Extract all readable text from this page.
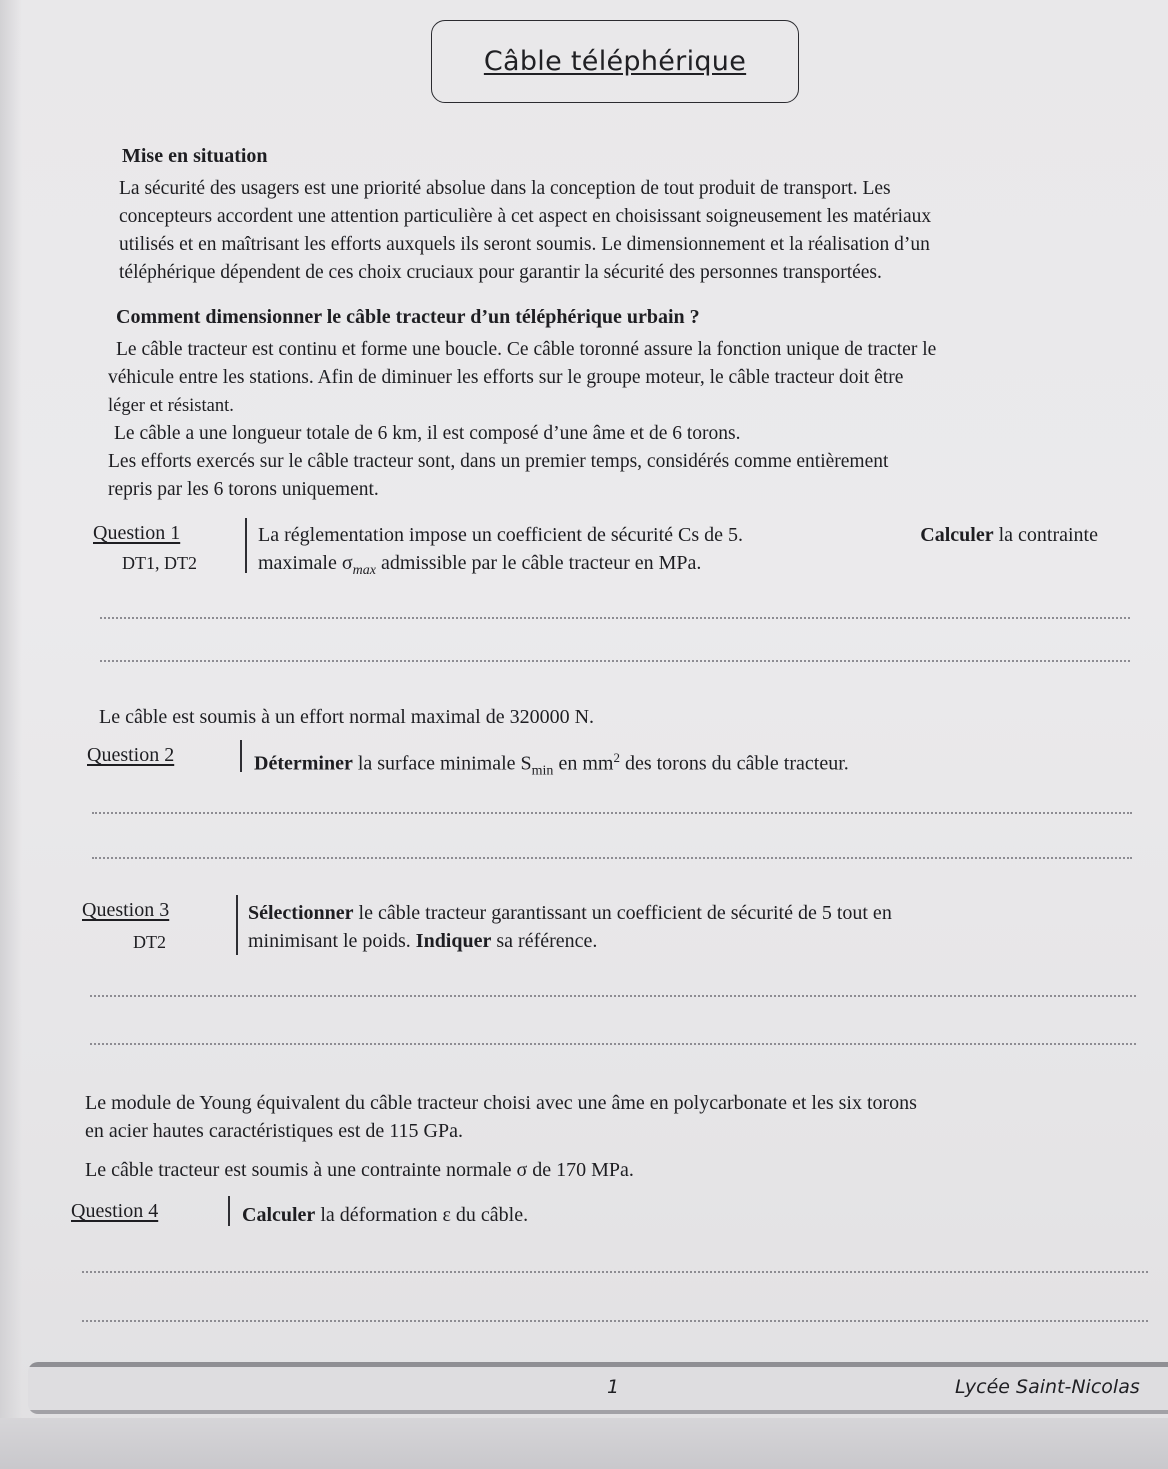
Câble téléphérique
Mise en situation

La sécurité des usagers est une priorité absolue dans la conception de tout produit de transport. Les

concepteurs accordent une attention particulière à cet aspect en choisissant soigneusement les matériaux

utilisés et en maîtrisant les efforts auxquels ils seront soumis. Le dimensionnement et la réalisation d’un

téléphérique dépendent de ces choix cruciaux pour garantir la sécurité des personnes transportées.

Comment dimensionner le câble tracteur d’un téléphérique urbain ?

Le câble tracteur est continu et forme une boucle. Ce câble toronné assure la fonction unique de tracter le

véhicule entre les stations. Afin de diminuer les efforts sur le groupe moteur, le câble tracteur doit être

léger et résistant.

Le câble a une longueur totale de 6 km, il est composé d’une âme et de 6 torons.

Les efforts exercés sur le câble tracteur sont, dans un premier temps, considérés comme entièrement

repris par les 6 torons uniquement.

Question 1
DT1, DT2
La réglementation impose un coefficient de sécurité Cs de 5.	Calculer la contrainte
maximale $\sigma_{max}$ admissible par le câble tracteur en MPa.
Le câble est soumis à un effort normal maximal de 320000 N.
Question 2	Déterminer la surface minimale $S_{min}$ en $mm^2$ des torons du câble tracteur.
Question 3
DT2
Sélectionner le câble tracteur garantissant un coefficient de sécurité de 5 tout en
minimisant le poids. Indiquer sa référence.

Le module de Young équivalent du câble tracteur choisi avec une âme en polycarbonate et les six torons

en acier hautes caractéristiques est de 115 GPa.

Le câble tracteur est soumis à une contrainte normale σ de 170 MPa.
Question 4	Calculer la déformation ε du câble.
1	Lycée Saint-Nicolas
